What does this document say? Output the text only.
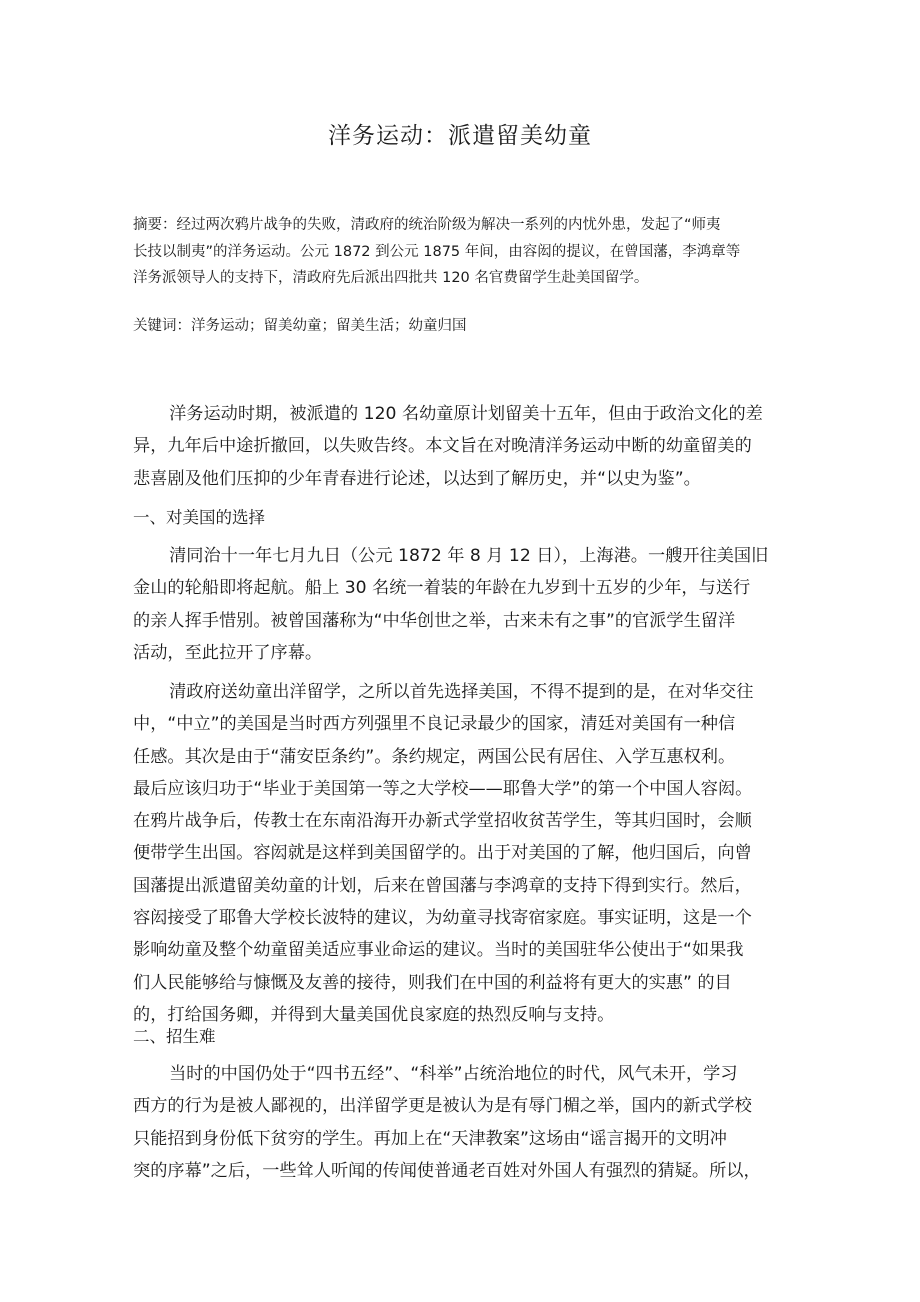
洋务运动：派遣留美幼童

摘要：经过两次鸦片战争的失败，清政府的统治阶级为解决一系列的内忧外患，发起了“师夷
长技以制夷”的洋务运动。公元 1872 到公元 1875 年间，由容闳的提议，在曾国藩，李鸿章等
洋务派领导人的支持下，清政府先后派出四批共 120 名官费留学生赴美国留学。

关键词：洋务运动；留美幼童；留美生活；幼童归国

洋务运动时期，被派遣的 120 名幼童原计划留美十五年，但由于政治文化的差
异，九年后中途折撤回，以失败告终。本文旨在对晚清洋务运动中断的幼童留美的
悲喜剧及他们压抑的少年青春进行论述，以达到了解历史，并“以史为鉴”。

一、对美国的选择

清同治十一年七月九日（公元 1872 年 8 月 12 日），上海港。一艘开往美国旧
金山的轮船即将起航。船上 30 名统一着装的年龄在九岁到十五岁的少年，与送行
的亲人挥手惜别。被曾国藩称为“中华创世之举，古来未有之事”的官派学生留洋
活动，至此拉开了序幕。

清政府送幼童出洋留学，之所以首先选择美国，不得不提到的是，在对华交往
中，“中立”的美国是当时西方列强里不良记录最少的国家，清廷对美国有一种信
任感。其次是由于“蒲安臣条约”。条约规定，两国公民有居住、入学互惠权利。
最后应该归功于“毕业于美国第一等之大学校——耶鲁大学”的第一个中国人容闳。
在鸦片战争后，传教士在东南沿海开办新式学堂招收贫苦学生，等其归国时，会顺
便带学生出国。容闳就是这样到美国留学的。出于对美国的了解，他归国后，向曾
国藩提出派遣留美幼童的计划，后来在曾国藩与李鸿章的支持下得到实行。然后，
容闳接受了耶鲁大学校长波特的建议，为幼童寻找寄宿家庭。事实证明，这是一个
影响幼童及整个幼童留美适应事业命运的建议。当时的美国驻华公使出于“如果我
们人民能够给与慷慨及友善的接待，则我们在中国的利益将有更大的实惠” 的目
的，打给国务卿，并得到大量美国优良家庭的热烈反响与支持。

二、招生难

当时的中国仍处于“四书五经”、“科举”占统治地位的时代，风气未开，学习
西方的行为是被人鄙视的，出洋留学更是被认为是有辱门楣之举，国内的新式学校
只能招到身份低下贫穷的学生。再加上在“天津教案”这场由“谣言揭开的文明冲
突的序幕”之后，一些耸人听闻的传闻使普通老百姓对外国人有强烈的猜疑。所以，
